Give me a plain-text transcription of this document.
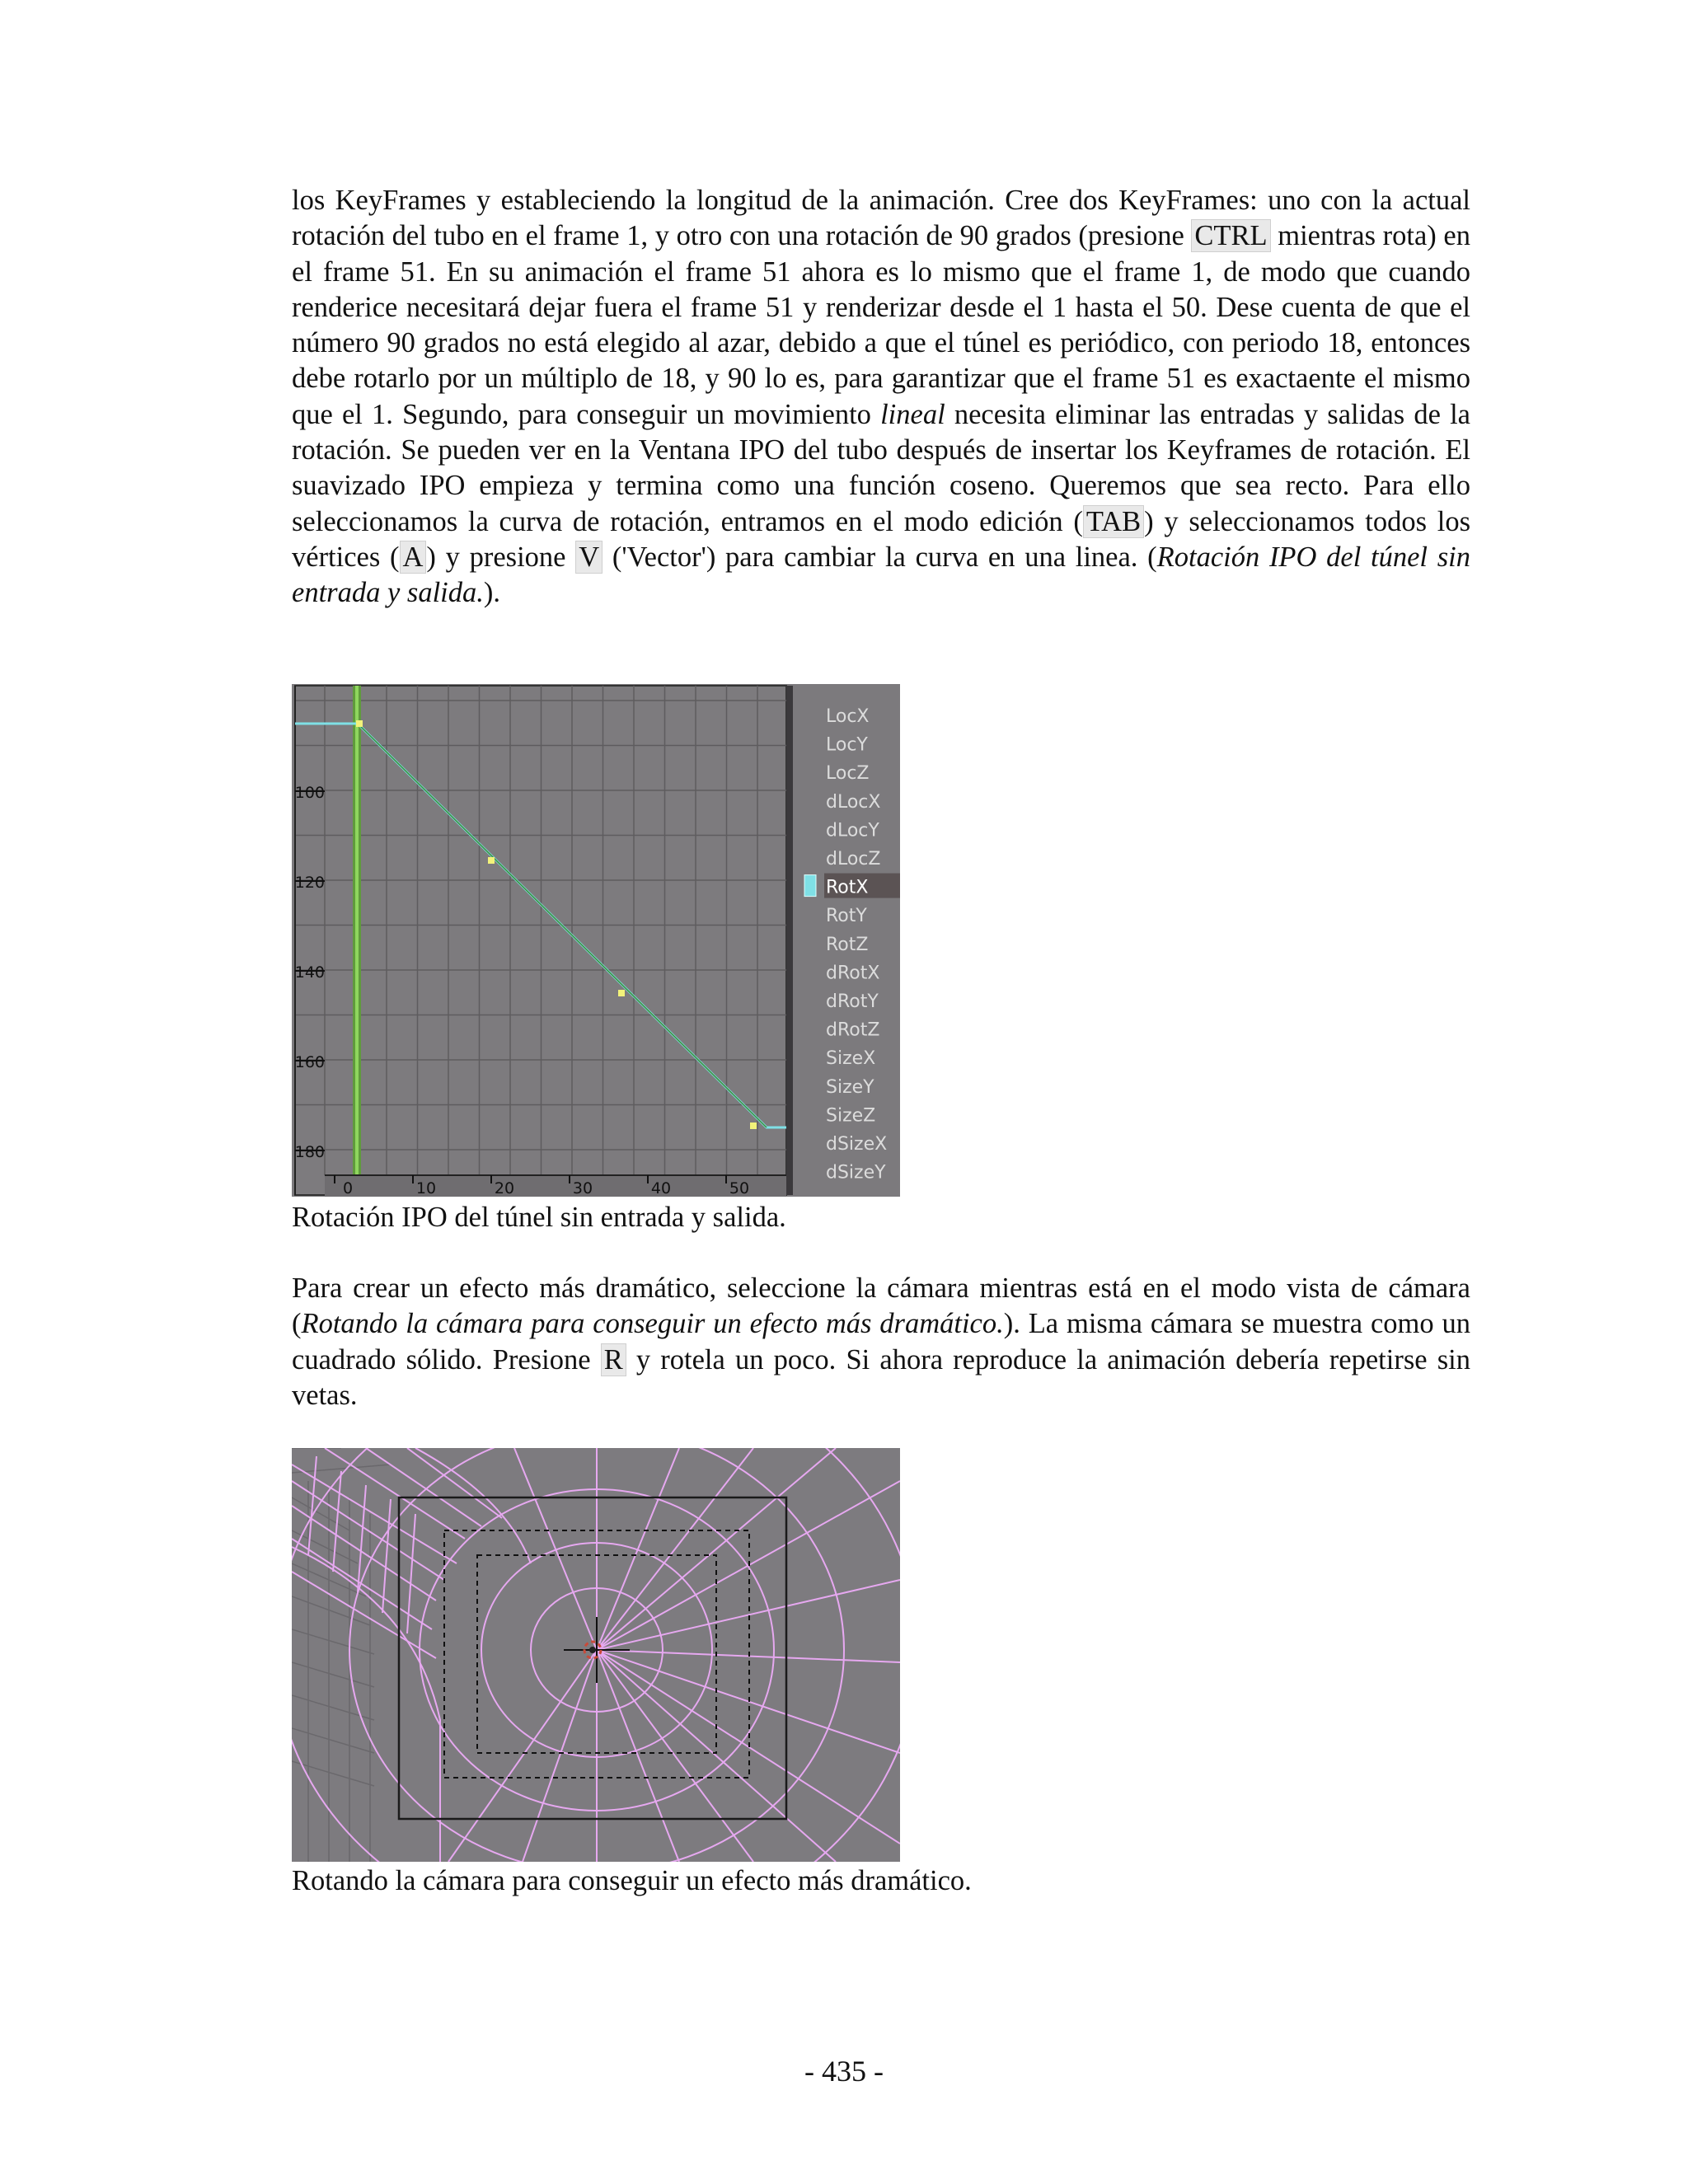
los KeyFrames y estableciendo la longitud de la animación. Cree dos KeyFrames: uno con la actual rotación del tubo en el frame 1, y otro con una rotación de 90 grados (presione CTRL mientras rota) en el frame 51. En su animación el frame 51 ahora es lo mismo que el frame 1, de modo que cuando renderice necesitará dejar fuera el frame 51 y renderizar desde el 1 hasta el 50. Dese cuenta de que el número 90 grados no está elegido al azar, debido a que el túnel es periódico, con periodo 18, entonces debe rotarlo por un múltiplo de 18, y 90 lo es, para garantizar que el frame 51 es exactaente el mismo que el 1. Segundo, para conseguir un movimiento lineal necesita eliminar las entradas y salidas de la rotación. Se pueden ver en la Ventana IPO del tubo después de insertar los Keyframes de rotación. El suavizado IPO empieza y termina como una función coseno. Queremos que sea recto. Para ello seleccionamos la curva de rotación, entramos en el modo edición ( TAB ) y seleccionamos todos los vértices ( A ) y presione V ('Vector') para cambiar la curva en una linea. (Rotación IPO del túnel sin entrada y salida.).

100
120
140
160
180
0	10	20	30	40	50
LocX
LocY
LocZ
dLocX
dLocY
dLocZ
RotX
RotY
RotZ
dRotX
dRotY
dRotZ
SizeX
SizeY
SizeZ
dSizeX
dSizeY

Rotación IPO del túnel sin entrada y salida.

Para crear un efecto más dramático, seleccione la cámara mientras está en el modo vista de cámara (Rotando la cámara para conseguir un efecto más dramático.). La misma cámara se muestra como un cuadrado sólido. Presione R y rotela un poco. Si ahora reproduce la animación debería repetirse sin vetas.

Rotando la cámara para conseguir un efecto más dramático.

- 435 -
